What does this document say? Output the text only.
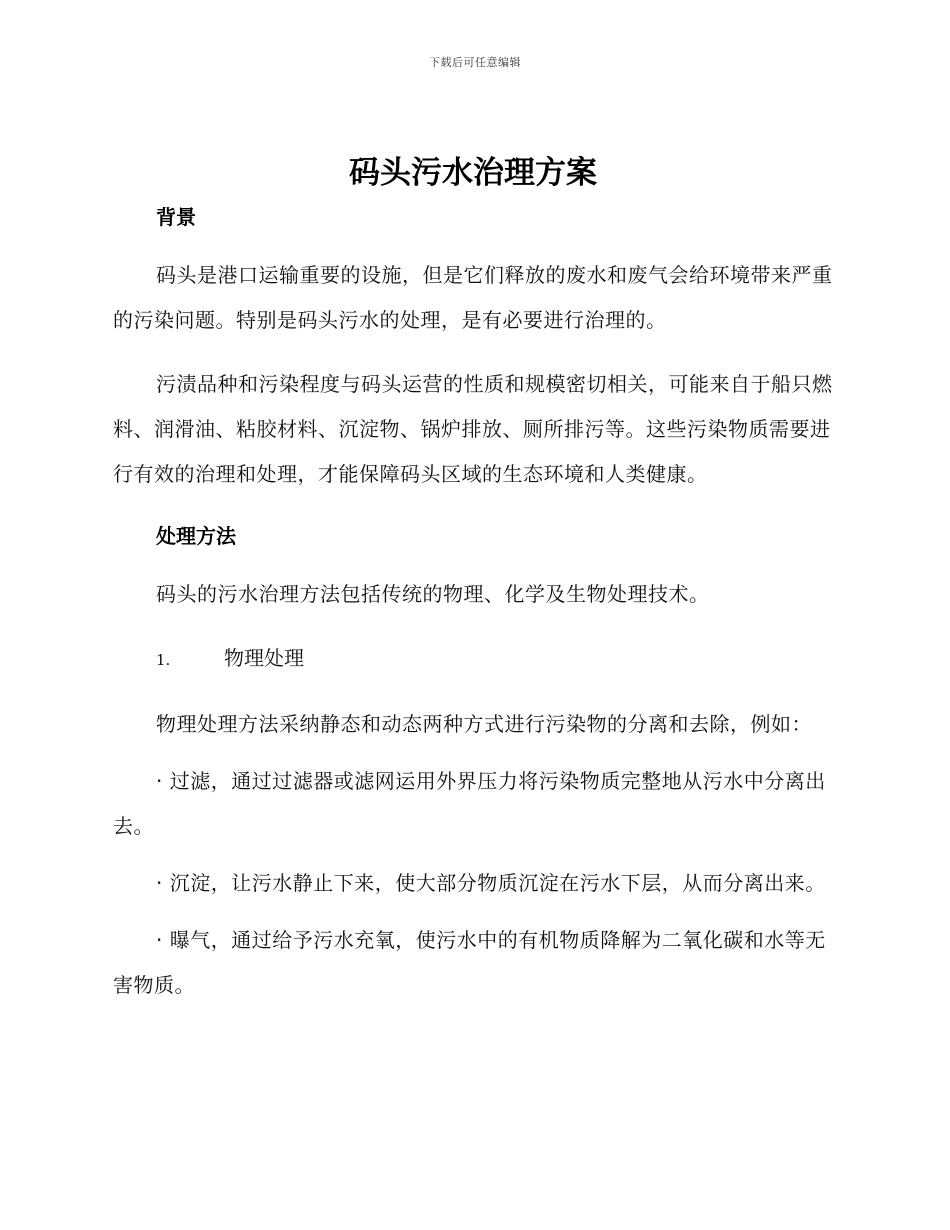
下载后可任意编辑
码头污水治理方案
背景

码头是港口运输重要的设施，但是它们释放的废水和废气会给环境带来严重的污染问题。特别是码头污水的处理，是有必要进行治理的。

污渍品种和污染程度与码头运营的性质和规模密切相关，可能来自于船只燃料、润滑油、粘胶材料、沉淀物、锅炉排放、厕所排污等。这些污染物质需要进行有效的治理和处理，才能保障码头区域的生态环境和人类健康。

处理方法

码头的污水治理方法包括传统的物理、化学及生物处理技术。

1.	物理处理

物理处理方法采纳静态和动态两种方式进行污染物的分离和去除，例如：

· 过滤，通过过滤器或滤网运用外界压力将污染物质完整地从污水中分离出去。

· 沉淀，让污水静止下来，使大部分物质沉淀在污水下层，从而分离出来。

· 曝气，通过给予污水充氧，使污水中的有机物质降解为二氧化碳和水等无害物质。
